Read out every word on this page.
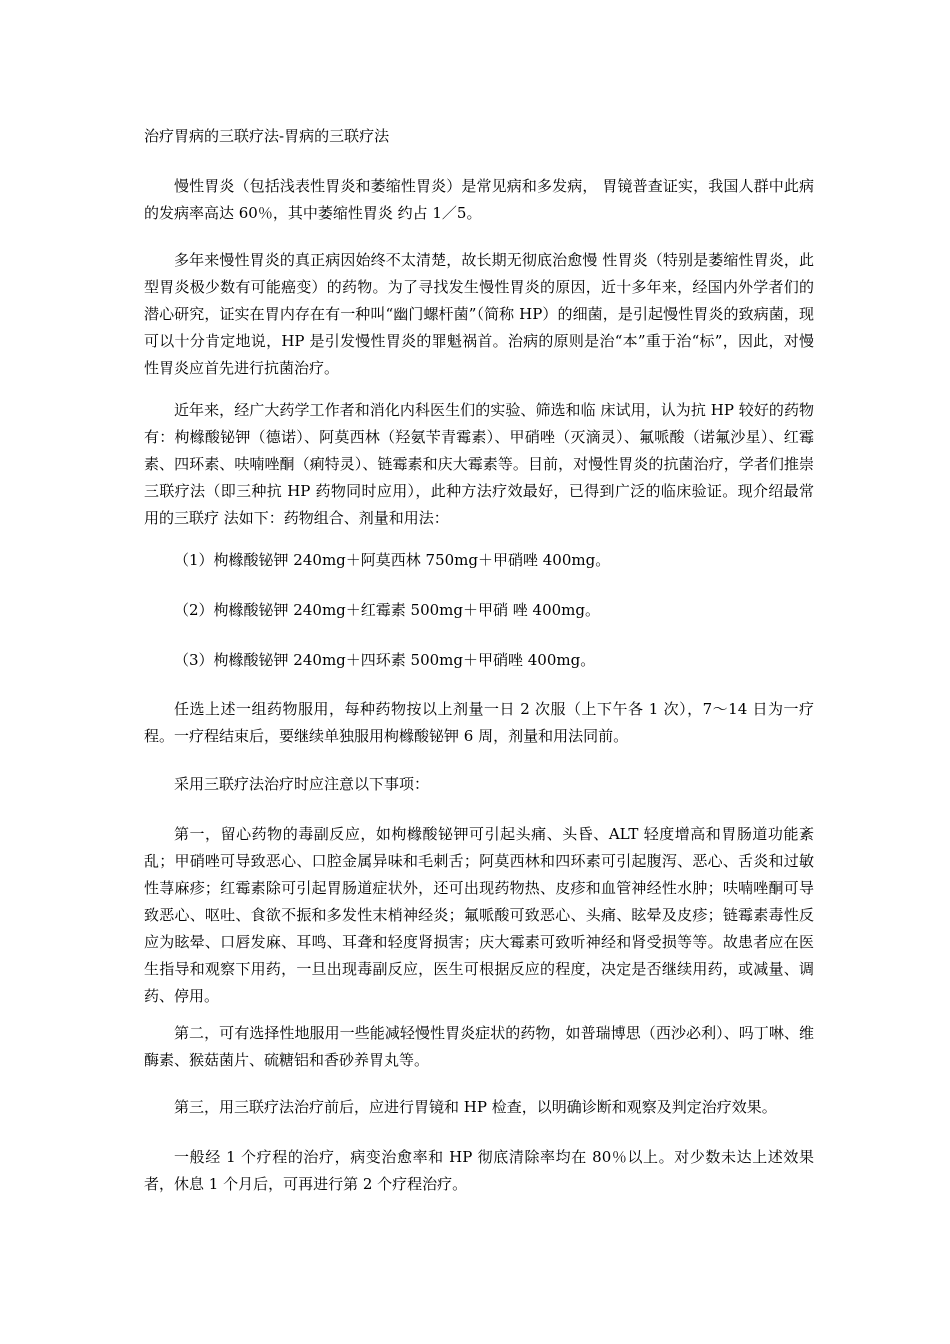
治疗胃病的三联疗法-胃病的三联疗法

慢性胃炎（包括浅表性胃炎和萎缩性胃炎）是常见病和多发病， 胃镜普查证实，我国人群中此病的发病率高达 60％，其中萎缩性胃炎 约占 1／5。

多年来慢性胃炎的真正病因始终不太清楚，故长期无彻底治愈慢 性胃炎（特别是萎缩性胃炎，此型胃炎极少数有可能癌变）的药物。为了寻找发生慢性胃炎的原因，近十多年来，经国内外学者们的潜心研究，证实在胃内存在有一种叫“幽门螺杆菌”（简称 HP）的细菌，是引起慢性胃炎的致病菌，现可以十分肯定地说，HP 是引发慢性胃炎的罪魁祸首。治病的原则是治“本”重于治“标”，因此，对慢性胃炎应首先进行抗菌治疗。

近年来，经广大药学工作者和消化内科医生们的实验、筛选和临 床试用，认为抗 HP 较好的药物有：枸橼酸铋钾（德诺）、阿莫西林（羟氨苄青霉素）、甲硝唑（灭滴灵）、氟哌酸（诺氟沙星）、红霉素、四环素、呋喃唑酮（痢特灵）、链霉素和庆大霉素等。目前，对慢性胃炎的抗菌治疗，学者们推崇三联疗法（即三种抗 HP 药物同时应用），此种方法疗效最好，已得到广泛的临床验证。现介绍最常用的三联疗 法如下：药物组合、剂量和用法：

（1）枸橼酸铋钾 240mg＋阿莫西林 750mg＋甲硝唑 400mg。

（2）枸橼酸铋钾 240mg＋红霉素 500mg＋甲硝 唑 400mg。

（3）枸橼酸铋钾 240mg＋四环素 500mg＋甲硝唑 400mg。

任选上述一组药物服用，每种药物按以上剂量一日 2 次服（上下午各 1 次），7～14 日为一疗程。一疗程结束后，要继续单独服用枸橼酸铋钾 6 周，剂量和用法同前。

采用三联疗法治疗时应注意以下事项：

第一，留心药物的毒副反应，如枸橼酸铋钾可引起头痛、头昏、ALT 轻度增高和胃肠道功能紊乱；甲硝唑可导致恶心、口腔金属异味和毛刺舌；阿莫西林和四环素可引起腹泻、恶心、舌炎和过敏性荨麻疹；红霉素除可引起胃肠道症状外，还可出现药物热、皮疹和血管神经性水肿；呋喃唑酮可导致恶心、呕吐、食欲不振和多发性末梢神经炎；氟哌酸可致恶心、头痛、眩晕及皮疹；链霉素毒性反应为眩晕、口唇发麻、耳鸣、耳聋和轻度肾损害；庆大霉素可致听神经和肾受损等等。故患者应在医生指导和观察下用药，一旦出现毒副反应，医生可根据反应的程度，决定是否继续用药，或减量、调药、停用。

第二，可有选择性地服用一些能减轻慢性胃炎症状的药物，如普瑞博思（西沙必利）、吗丁啉、维酶素、猴菇菌片、硫糖铝和香砂养胃丸等。

第三，用三联疗法治疗前后，应进行胃镜和 HP 检查，以明确诊断和观察及判定治疗效果。

一般经 1 个疗程的治疗，病变治愈率和 HP 彻底清除率均在 80％以上。对少数未达上述效果者，休息 1 个月后，可再进行第 2 个疗程治疗。
